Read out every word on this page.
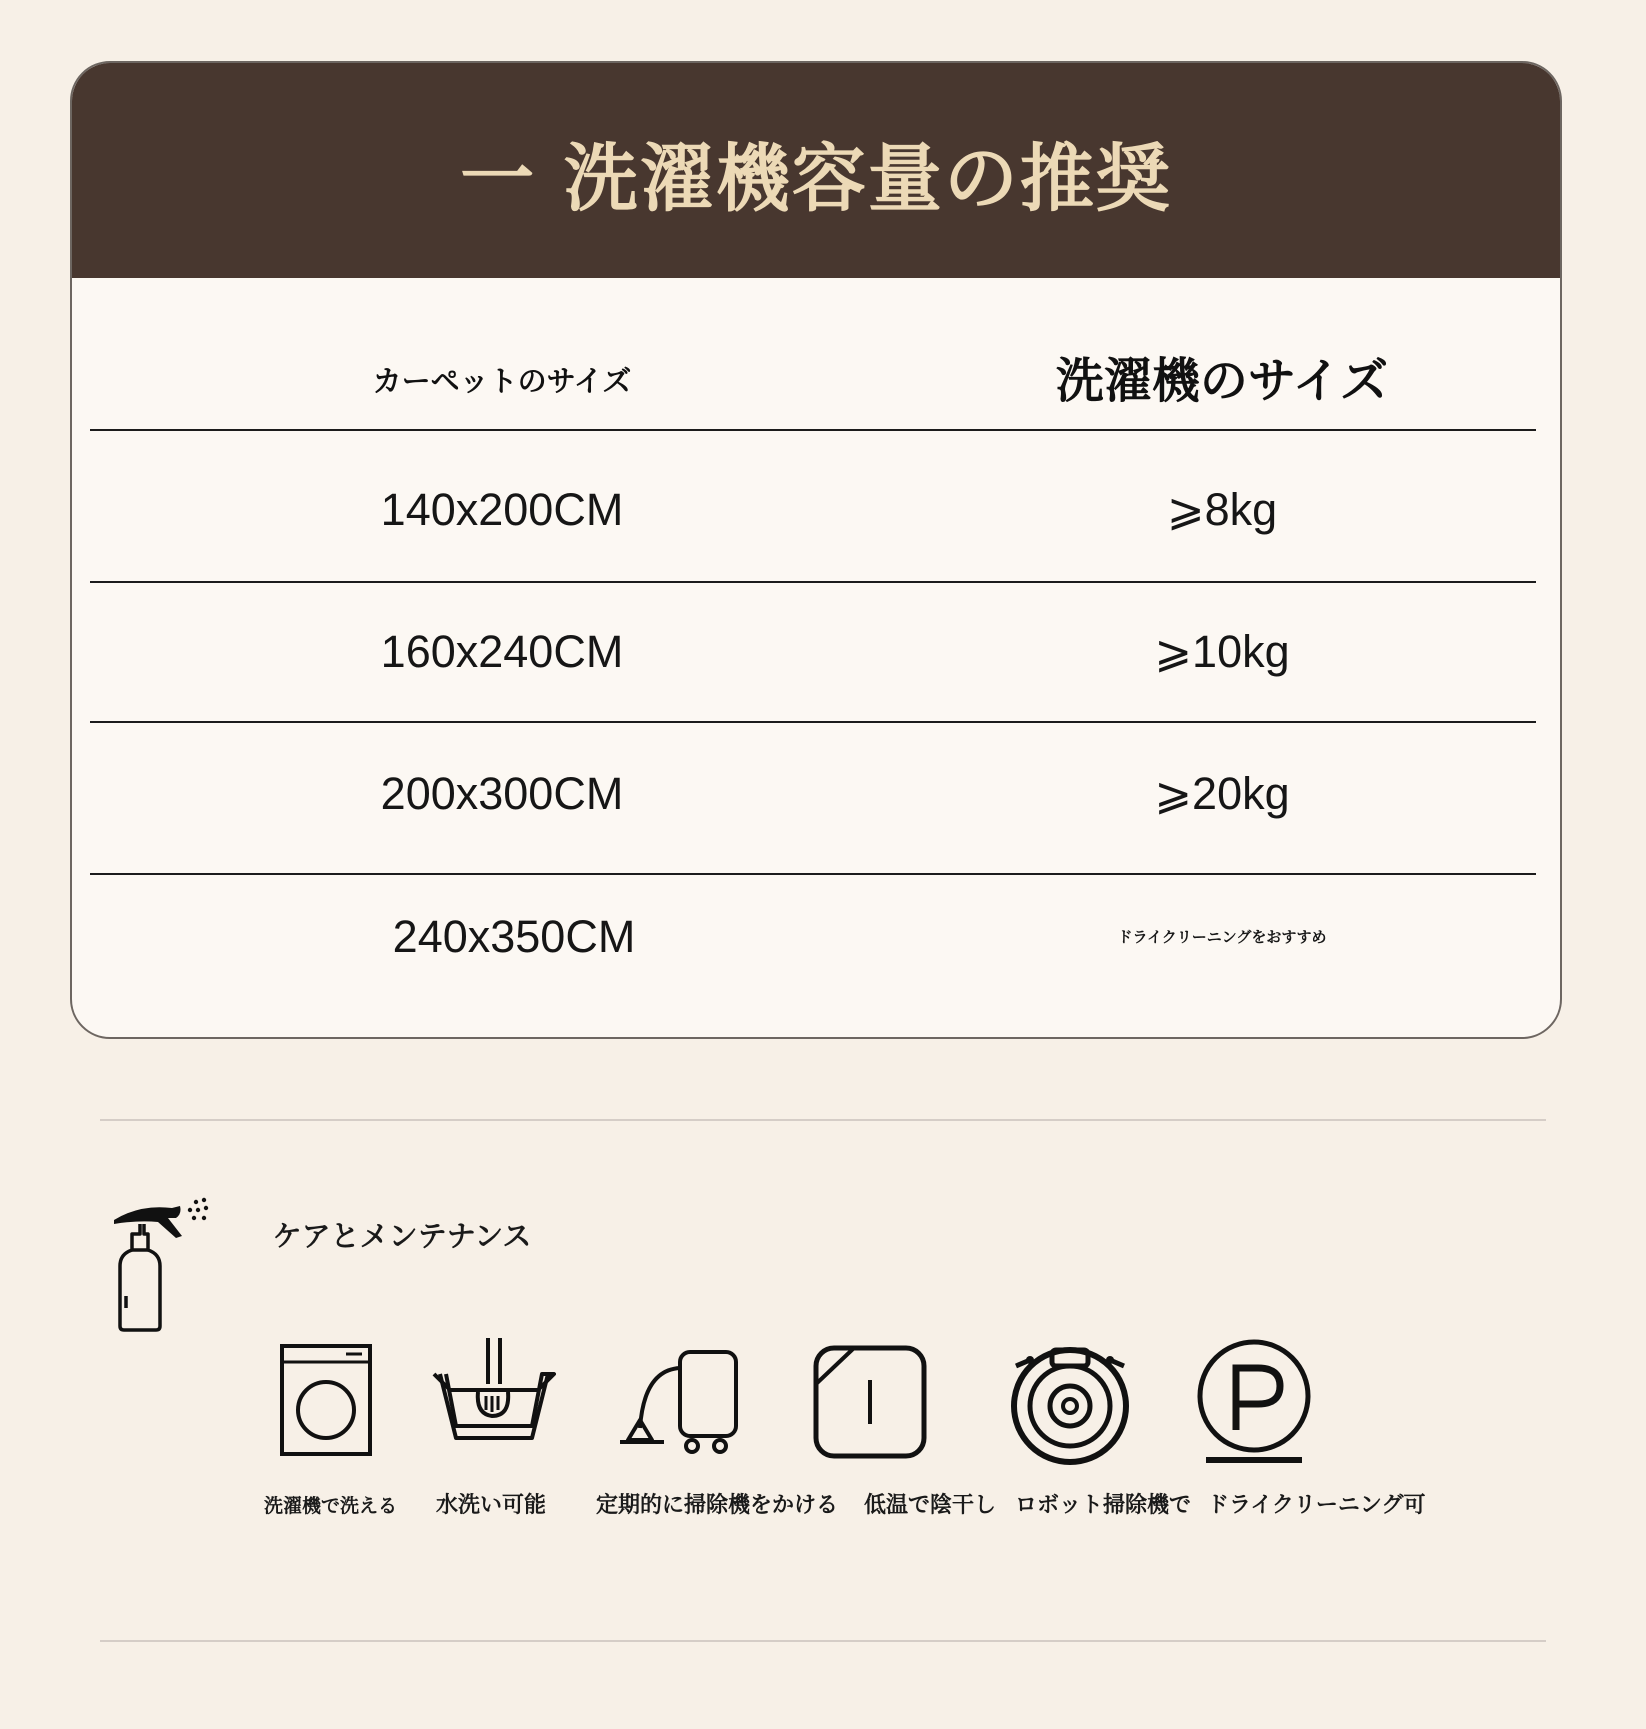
一 洗濯機容量の推奨
カーペットのサイズ	洗濯機のサイズ
140x200CM	⩾8kg
160x240CM	⩾10kg
200x300CM	⩾20kg
240x350CM	ドライクリーニングをおすすめ
ケアとメンテナンス
洗濯機で洗える 水洗い可能 定期的に掃除機をかける 低温で陰干し ロボット掃除機で ドライクリーニング可
